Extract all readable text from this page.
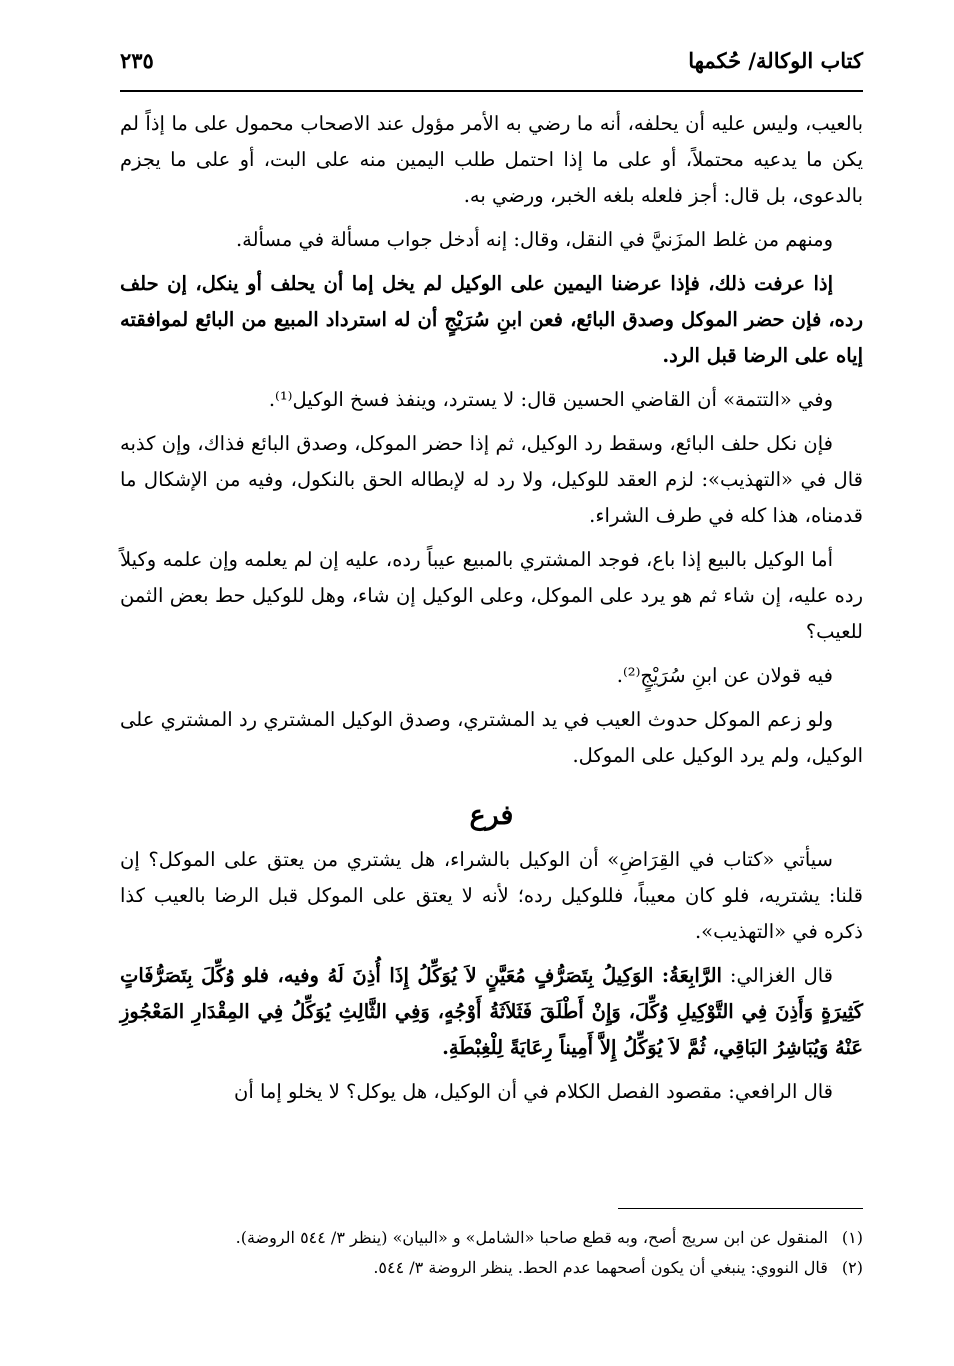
كتاب الوكالة/ حُكمها
٢٣٥

بالعيب، وليس عليه أن يحلفه، أنه ما رضي به الأمر مؤول عند الاصحاب محمول على ما إذاً لم يكن ما يدعيه محتملاً، أو على ما إذا احتمل طلب اليمين منه على البت، أو على ما يجزم بالدعوى، بل قال: أجز فلعله بلغه الخبر، ورضي به.

ومنهم من غلط المزَنيَّ في النقل، وقال: إنه أدخل جواب مسألة في مسألة.

إذا عرفت ذلك، فإذا عرضنا اليمين على الوكيل لم يخل إما أن يحلف أو ينكل، إن حلف رده، فإن حضر الموكل وصدق البائع، فعن ابنِ سُرَيْجٍ أن له استرداد المبيع من البائع لموافقته إياه على الرضا قبل الرد.

وفي «التتمة» أن القاضي الحسين قال: لا يسترد، وينفذ فسخ الوكيل⁽¹⁾.

فإن نكل حلف البائع، وسقط رد الوكيل، ثم إذا حضر الموكل، وصدق البائع فذاك، وإن كذبه قال في «التهذيب»: لزم العقد للوكيل، ولا رد له لإبطاله الحق بالنكول، وفيه من الإشكال ما قدمناه، هذا كله في طرف الشراء.

أما الوكيل بالبيع إذا باع، فوجد المشتري بالمبيع عيباً رده، عليه إن لم يعلمه وإن علمه وكيلاً رده عليه، إن شاء ثم هو يرد على الموكل، وعلى الوكيل إن شاء، وهل للوكيل حط بعض الثمن للعيب؟

فيه قولان عن ابنِ سُرَيْجٍ⁽²⁾.

ولو زعم الموكل حدوث العيب في يد المشتري، وصدق الوكيل المشتري رد المشتري على الوكيل، ولم يرد الوكيل على الموكل.

فرع

سيأتي «كتاب في القِرَاضِ» أن الوكيل بالشراء، هل يشتري من يعتق على الموكل؟ إن قلنا: يشتريه، فلو كان معيباً، فللوكيل رده؛ لأنه لا يعتق على الموكل قبل الرضا بالعيب كذا ذكره في «التهذيب».

قال الغزالي: الرَّابِعَةُ: الوَكِيلُ بِتَصَرُّفٍ مُعَيَّنٍ لاَ يُوَكِّلُ إِذَا أُذِنَ لَهُ وفيه، فلو وُكِّلَ بِتَصَرُّفَاتٍ كَثِيرَةٍ وَأَذِنَ فِي التَّوْكِيلِ وُكِّلَ، وَإِنْ أَطْلَقَ فَثَلاَثَةُ أَوْجُهٍ، وَفِي الثَّالِثِ يُوَكِّلُ فِي المِقْدَارِ المَعْجُوزِ عَنْهُ وَيُبَاشِرُ البَاقِي، ثُمَّ لاَ يُوَكِّلُ إِلاَّ أَمِيناً رِعَايَةً لِلْغِبْطَةِ.

قال الرافعي: مقصود الفصل الكلام في أن الوكيل، هل يوكل؟ لا يخلو إما أن

(١)المنقول عن ابن سريج أصح، وبه قطع صاحبا «الشامل» و «البيان» (ينظر ٣/ ٥٤٤ الروضة).

(٢)قال النووي: ينبغي أن يكون أصحهما عدم الحط. ينظر الروضة ٣/ ٥٤٤.
